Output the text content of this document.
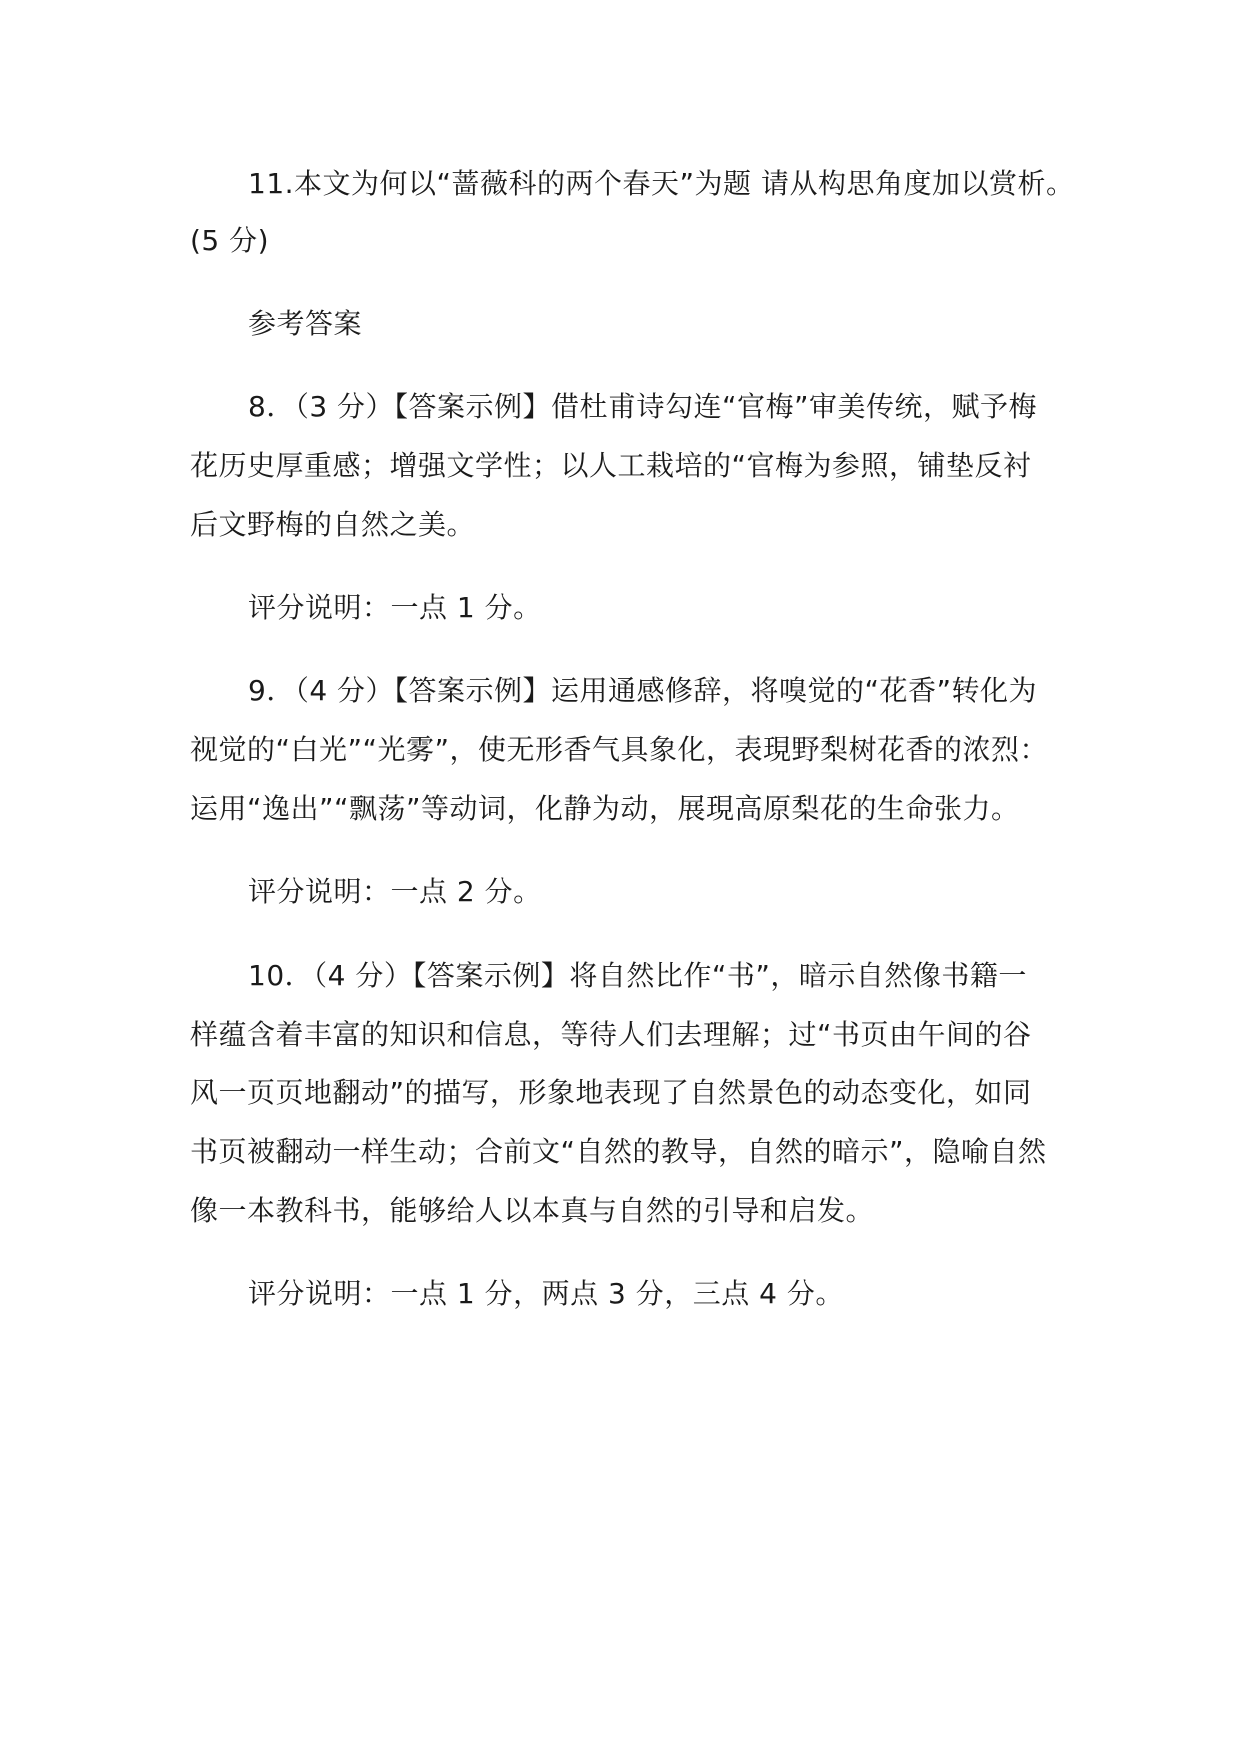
11.本文为何以“蔷薇科的两个春天”为题 请从构思角度加以赏析。
(5 分)
参考答案
8．（3 分）【答案示例】借杜甫诗勾连“官梅”审美传统，赋予梅
花历史厚重感；增强文学性；以人工栽培的“官梅为参照，铺垫反衬
后文野梅的自然之美。
评分说明：一点 1 分。
9．（4 分）【答案示例】运用通感修辞，将嗅觉的“花香”转化为
视觉的“白光”“光雾”，使无形香气具象化，表現野梨树花香的浓烈：
运用“逸出”“飘荡”等动词，化静为动，展現高原梨花的生命张力。
评分说明：一点 2 分。
10．（4 分）【答案示例】将自然比作“书”，暗示自然像书籍一
样蕴含着丰富的知识和信息，等待人们去理解；过“书页由午间的谷
风一页页地翻动”的描写，形象地表现了自然景色的动态变化，如同
书页被翻动一样生动；合前文“自然的教导，自然的暗示”，隐喻自然
像一本教科书，能够给人以本真与自然的引导和启发。
评分说明：一点 1 分，两点 3 分，三点 4 分。
